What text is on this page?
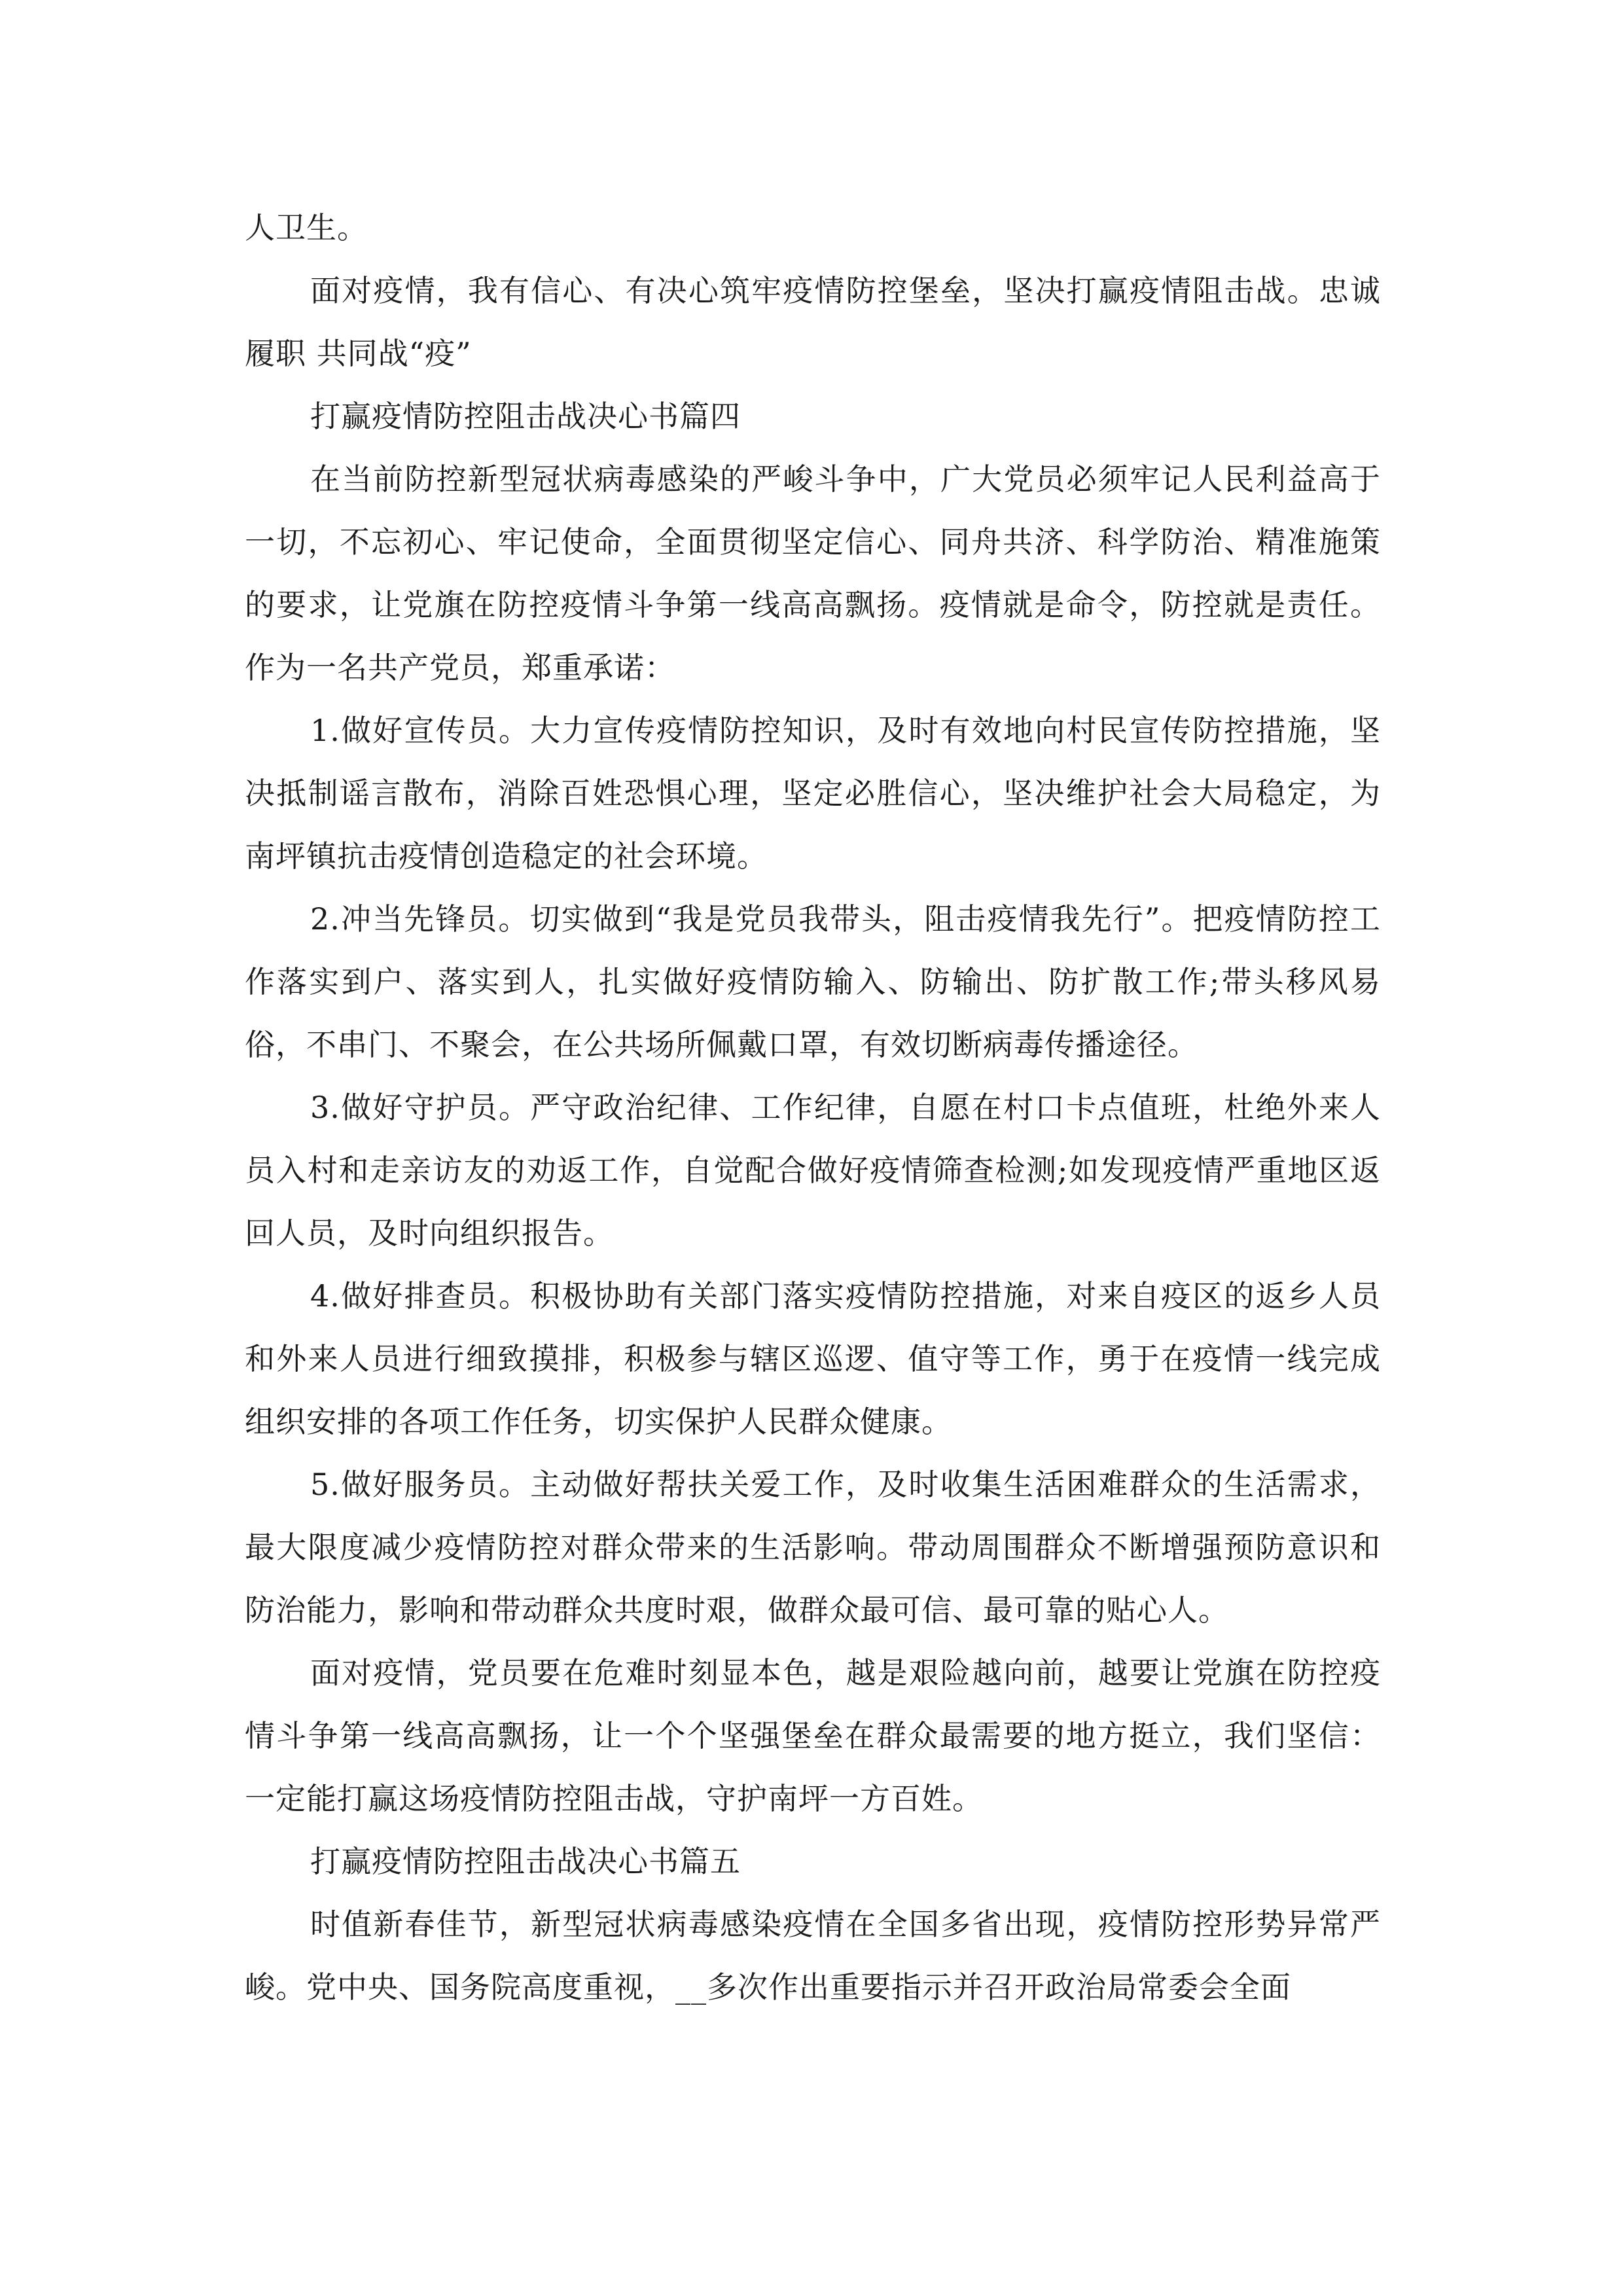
人卫生。

面对疫情，我有信心、有决心筑牢疫情防控堡垒，坚决打赢疫情阻击战。忠诚履职 共同战“疫”

打赢疫情防控阻击战决心书篇四

在当前防控新型冠状病毒感染的严峻斗争中，广大党员必须牢记人民利益高于一切，不忘初心、牢记使命，全面贯彻坚定信心、同舟共济、科学防治、精准施策的要求，让党旗在防控疫情斗争第一线高高飘扬。疫情就是命令，防控就是责任。作为一名共产党员，郑重承诺：

1.做好宣传员。大力宣传疫情防控知识，及时有效地向村民宣传防控措施，坚决抵制谣言散布，消除百姓恐惧心理，坚定必胜信心，坚决维护社会大局稳定，为南坪镇抗击疫情创造稳定的社会环境。

2.冲当先锋员。切实做到“我是党员我带头，阻击疫情我先行”。把疫情防控工作落实到户、落实到人，扎实做好疫情防输入、防输出、防扩散工作;带头移风易俗，不串门、不聚会，在公共场所佩戴口罩，有效切断病毒传播途径。

3.做好守护员。严守政治纪律、工作纪律，自愿在村口卡点值班，杜绝外来人员入村和走亲访友的劝返工作，自觉配合做好疫情筛查检测;如发现疫情严重地区返回人员，及时向组织报告。

4.做好排查员。积极协助有关部门落实疫情防控措施，对来自疫区的返乡人员和外来人员进行细致摸排，积极参与辖区巡逻、值守等工作，勇于在疫情一线完成组织安排的各项工作任务，切实保护人民群众健康。

5.做好服务员。主动做好帮扶关爱工作，及时收集生活困难群众的生活需求，最大限度减少疫情防控对群众带来的生活影响。带动周围群众不断增强预防意识和防治能力，影响和带动群众共度时艰，做群众最可信、最可靠的贴心人。

面对疫情，党员要在危难时刻显本色，越是艰险越向前，越要让党旗在防控疫情斗争第一线高高飘扬，让一个个坚强堡垒在群众最需要的地方挺立，我们坚信：一定能打赢这场疫情防控阻击战，守护南坪一方百姓。

打赢疫情防控阻击战决心书篇五

时值新春佳节，新型冠状病毒感染疫情在全国多省出现，疫情防控形势异常严峻。党中央、国务院高度重视，__多次作出重要指示并召开政治局常委会全面
